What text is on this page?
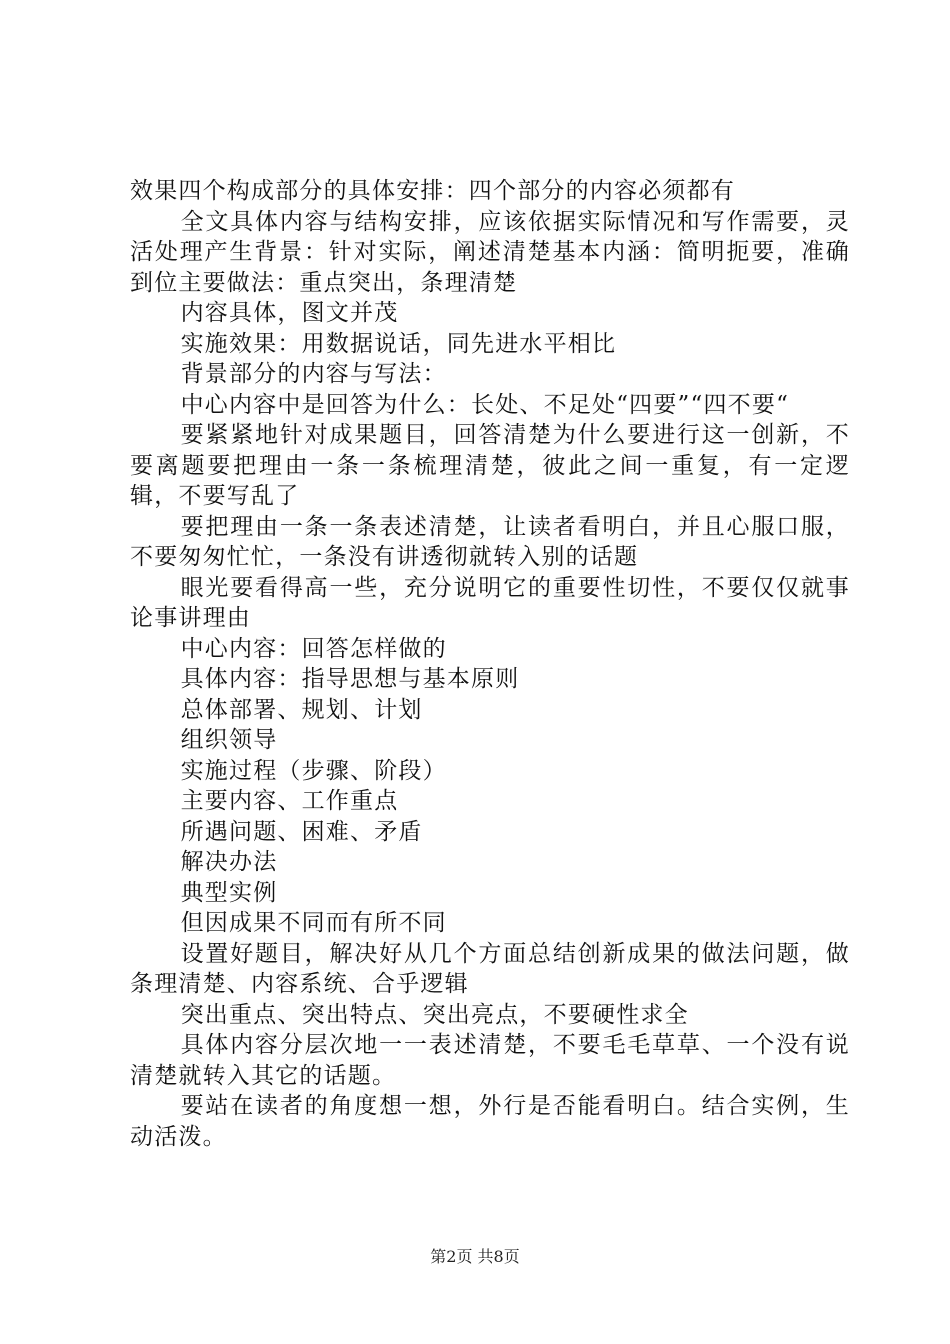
效果四个构成部分的具体安排：四个部分的内容必须都有

全文具体内容与结构安排，应该依据实际情况和写作需要，灵活处理产生背景：针对实际，阐述清楚基本内涵：简明扼要，准确到位主要做法：重点突出，条理清楚

内容具体，图文并茂

实施效果：用数据说话，同先进水平相比

背景部分的内容与写法：

中心内容中是回答为什么：长处、不足处“四要”“四不要“

要紧紧地针对成果题目，回答清楚为什么要进行这一创新，不要离题要把理由一条一条梳理清楚，彼此之间一重复，有一定逻辑，不要写乱了

要把理由一条一条表述清楚，让读者看明白，并且心服口服，不要匆匆忙忙，一条没有讲透彻就转入别的话题

眼光要看得高一些，充分说明它的重要性切性，不要仅仅就事论事讲理由

中心内容：回答怎样做的

具体内容：指导思想与基本原则

总体部署、规划、计划

组织领导

实施过程（步骤、阶段）

主要内容、工作重点

所遇问题、困难、矛盾

解决办法

典型实例

但因成果不同而有所不同

设置好题目，解决好从几个方面总结创新成果的做法问题，做条理清楚、内容系统、合乎逻辑

突出重点、突出特点、突出亮点，不要硬性求全

具体内容分层次地一一表述清楚，不要毛毛草草、一个没有说清楚就转入其它的话题。

要站在读者的角度想一想，外行是否能看明白。结合实例，生动活泼。

第2页 共8页
